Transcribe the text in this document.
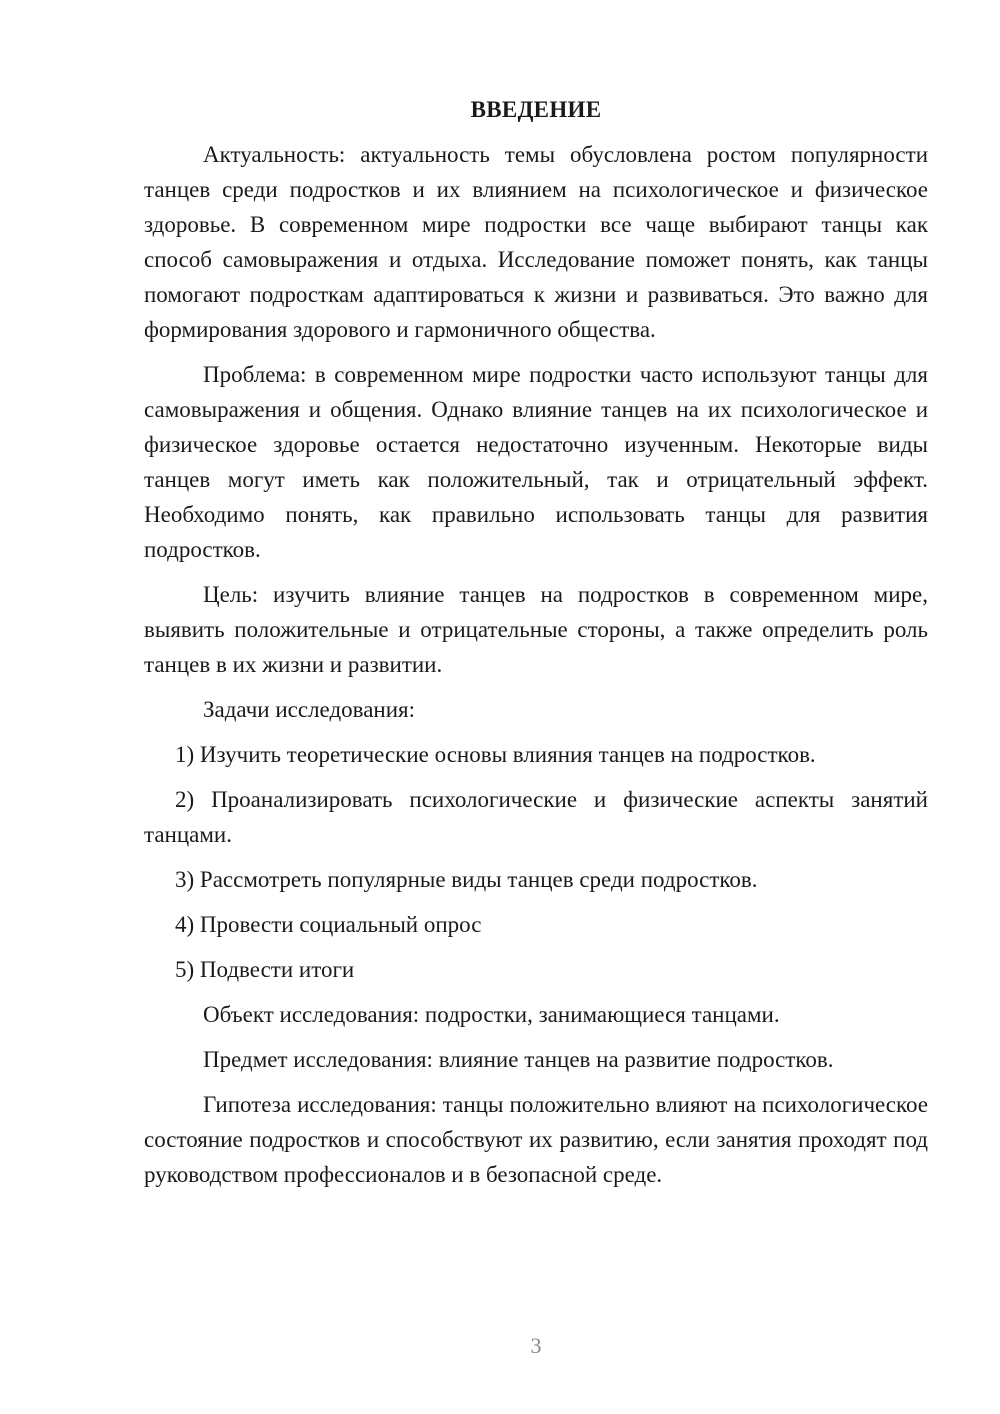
ВВЕДЕНИЕ

Актуальность: актуальность темы обусловлена ростом популярности танцев среди подростков и их влиянием на психологическое и физическое здоровье. В современном мире подростки все чаще выбирают танцы как способ самовыражения и отдыха. Исследование поможет понять, как танцы помогают подросткам адаптироваться к жизни и развиваться. Это важно для формирования здорового и гармоничного общества.

Проблема: в современном мире подростки часто используют танцы для самовыражения и общения. Однако влияние танцев на их психологическое и физическое здоровье остается недостаточно изученным. Некоторые виды танцев могут иметь как положительный, так и отрицательный эффект. Необходимо понять, как правильно использовать танцы для развития подростков.

Цель: изучить влияние танцев на подростков в современном мире, выявить положительные и отрицательные стороны, а также определить роль танцев в их жизни и развитии.

Задачи исследования:

1) Изучить теоретические основы влияния танцев на подростков.

2) Проанализировать психологические и физические аспекты занятий танцами.

3) Рассмотреть популярные виды танцев среди подростков.

4) Провести социальный опрос

5) Подвести итоги

Объект исследования: подростки, занимающиеся танцами.

Предмет исследования: влияние танцев на развитие подростков.

Гипотеза исследования: танцы положительно влияют на психологическое состояние подростков и способствуют их развитию, если занятия проходят под руководством профессионалов и в безопасной среде.

3
